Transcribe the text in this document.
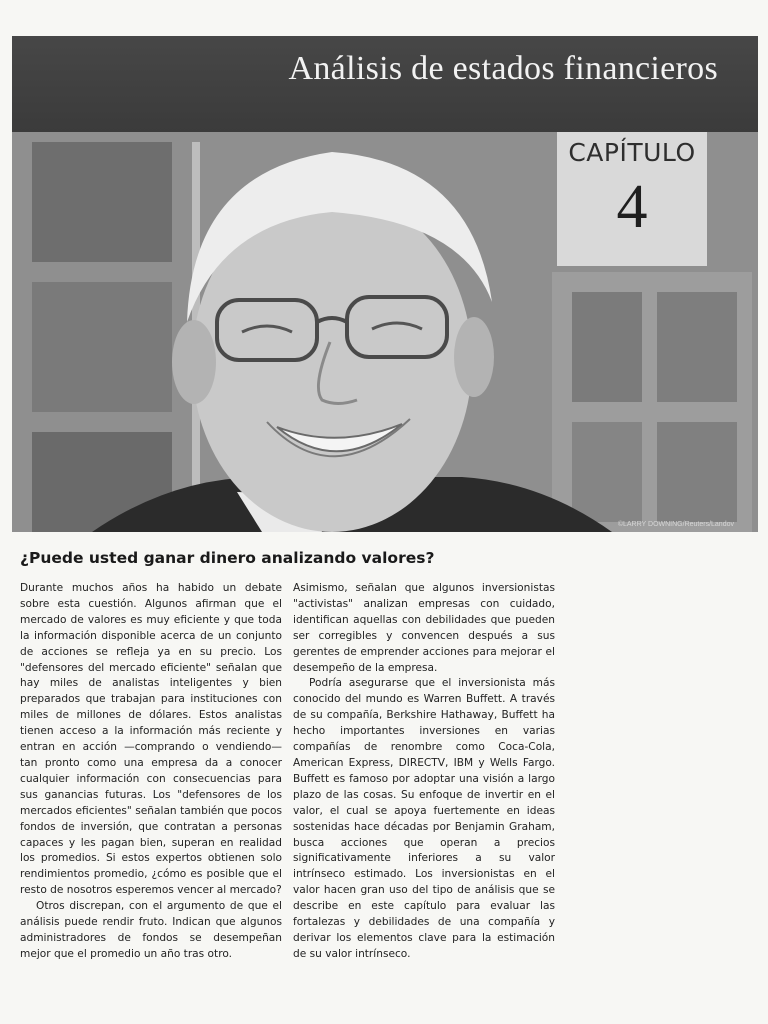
Análisis de estados financieros
©LARRY DOWNING/Reuters/Landov
CAPÍTULO
4
¿Puede usted ganar dinero analizando valores?

Durante muchos años ha habido un debate sobre esta cuestión. Algunos afirman que el mercado de valores es muy eficiente y que toda la información disponible acerca de un conjunto de acciones se refleja ya en su precio. Los "defensores del mercado eficiente" señalan que hay miles de analistas inteligentes y bien preparados que trabajan para instituciones con miles de millones de dólares. Estos analistas tienen acceso a la información más reciente y entran en acción —comprando o vendiendo— tan pronto como una empresa da a conocer cualquier información con consecuencias para sus ganancias futuras. Los "defensores de los mercados eficientes" señalan también que pocos fondos de inversión, que contratan a personas capaces y les pagan bien, superan en realidad los promedios. Si estos expertos obtienen solo rendimientos promedio, ¿cómo es posible que el resto de nosotros esperemos vencer al mercado?

Otros discrepan, con el argumento de que el análisis puede rendir fruto. Indican que algunos administradores de fondos se desempeñan mejor que el promedio un año tras otro.

Asimismo, señalan que algunos inversionistas "activistas" analizan empresas con cuidado, identifican aquellas con debilidades que pueden ser corregibles y convencen después a sus gerentes de emprender acciones para mejorar el desempeño de la empresa.

Podría asegurarse que el inversionista más conocido del mundo es Warren Buffett. A través de su compañía, Berkshire Hathaway, Buffett ha hecho importantes inversiones en varias compañías de renombre como Coca-Cola, American Express, DIRECTV, IBM y Wells Fargo. Buffett es famoso por adoptar una visión a largo plazo de las cosas. Su enfoque de invertir en el valor, el cual se apoya fuertemente en ideas sostenidas hace décadas por Benjamin Graham, busca acciones que operan a precios significativamente inferiores a su valor intrínseco estimado. Los inversionistas en el valor hacen gran uso del tipo de análisis que se describe en este capítulo para evaluar las fortalezas y debilidades de una compañía y derivar los elementos clave para la estimación de su valor intrínseco.
